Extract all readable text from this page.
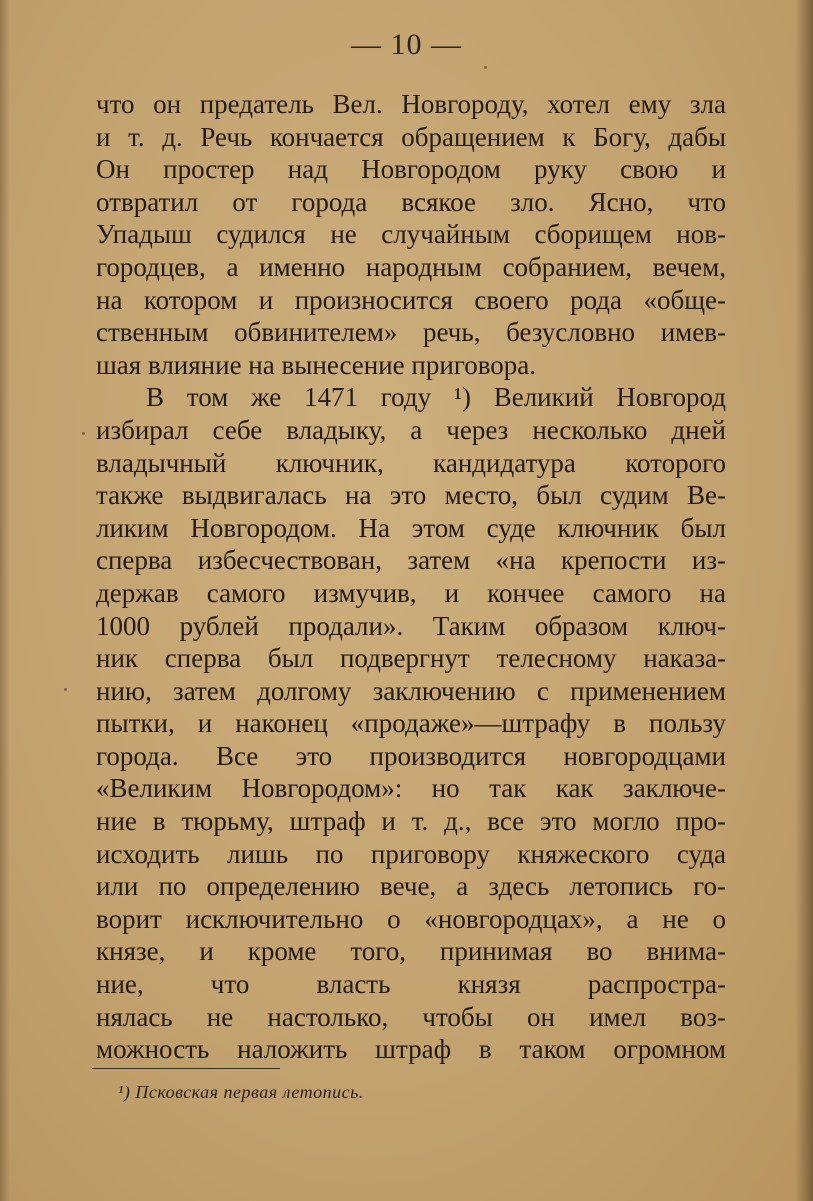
— 10 —
что он предатель Вел. Новгороду, хотел ему зла
и т. д. Речь кончается обращением к Богу, дабы
Он простер над Новгородом руку свою и
отвратил от города всякое зло. Ясно, что
Упадыш судился не случайным сборищем нов-
городцев, а именно народным собранием, вечем,
на котором и произносится своего рода «обще-
ственным обвинителем» речь, безусловно имев-
шая влияние на вынесение приговора.
В том же 1471 году ¹) Великий Новгород
избирал себе владыку, а через несколько дней
владычный ключник, кандидатура которого
также выдвигалась на это место, был судим Ве-
ликим Новгородом. На этом суде ключник был
сперва избесчествован, затем «на крепости из-
держав самого измучив, и кончее самого на
1000 рублей продали». Таким образом ключ-
ник сперва был подвергнут телесному наказа-
нию, затем долгому заключению с применением
пытки, и наконец «продаже»—штрафу в пользу
города. Все это производится новгородцами
«Великим Новгородом»: но так как заключе-
ние в тюрьму, штраф и т. д., все это могло про-
исходить лишь по приговору княжеского суда
или по определению вече, а здесь летопись го-
ворит исключительно о «новгородцах», а не о
князе, и кроме того, принимая во внима-
ние, что власть князя распростра-
нялась не настолько, чтобы он имел воз-
можность наложить штраф в таком огромном
¹) Псковская первая летопись.
